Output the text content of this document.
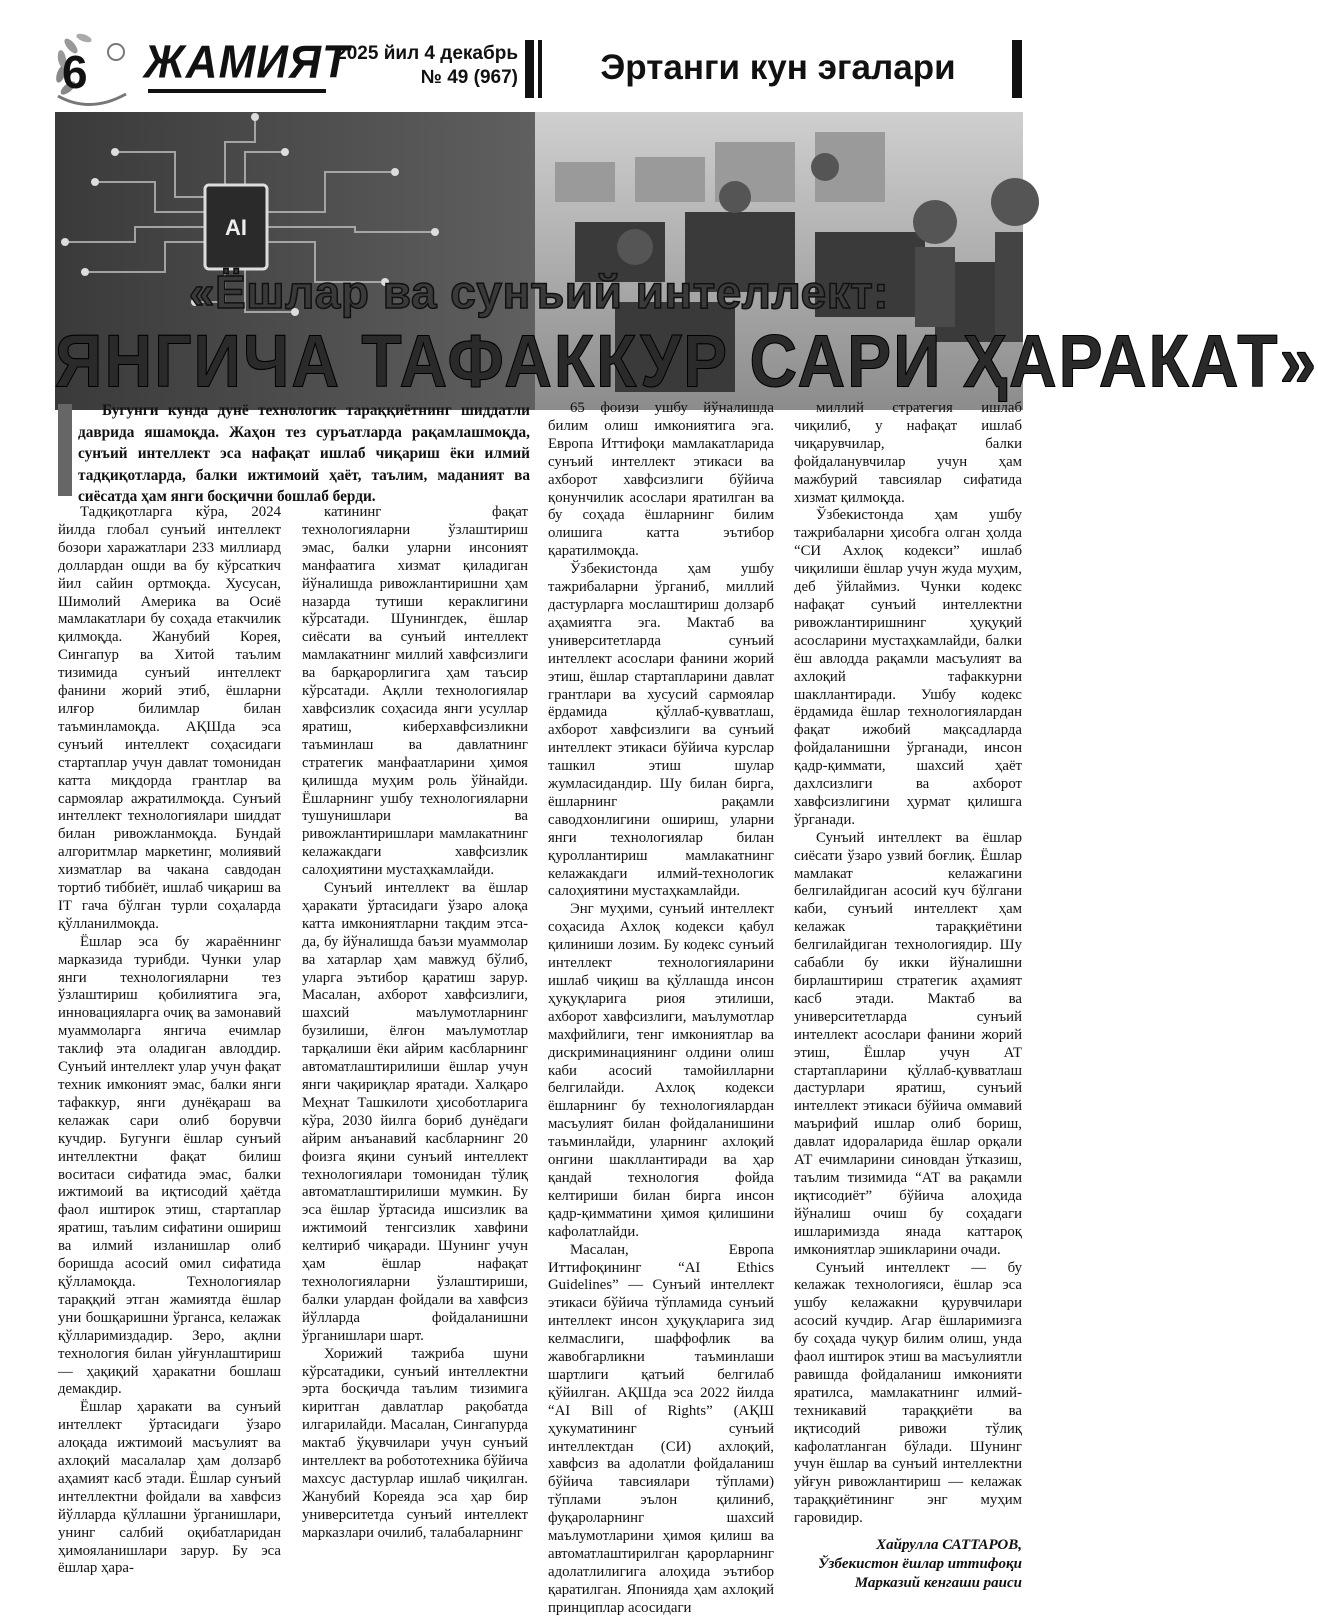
6 ЖАМИЯТ
2025 йил 4 декабрь
№ 49 (967)	Эртанги кун эгалари
AI
«Ёшлар ва сунъий интеллект:
ЯНГИЧА ТАФАККУР САРИ ҲАРАКАТ»
Бугунги кунда дунё технологик тараққиётнинг шиддатли даврида яшамоқда. Жаҳон тез суръатларда рақамлашмоқда, сунъий интеллект эса нафақат ишлаб чиқариш ёки илмий тадқиқотларда, балки ижтимоий ҳаёт, таълим, маданият ва сиёсатда ҳам янги босқични бошлаб берди.

Тадқиқотларга кўра, 2024 йилда глобал сунъий интеллект бозори харажатлари 233 миллиард доллардан ошди ва бу кўрсаткич йил сайин ортмоқда. Хусусан, Шимолий Америка ва Осиё мамлакатлари бу соҳада етакчилик қилмоқда. Жанубий Корея, Сингапур ва Хитой таълим тизимида сунъий интеллект фанини жорий этиб, ёшларни илғор билимлар билан таъминламоқда. АҚШда эса сунъий интеллект соҳасидаги стартаплар учун давлат томонидан катта миқдорда грантлар ва сармоялар ажратилмоқда. Сунъий интеллект технологиялари шиддат билан ривожланмоқда. Бундай алгоритмлар маркетинг, молиявий хизматлар ва чакана савдодан тортиб тиббиёт, ишлаб чиқариш ва IT гача бўлган турли соҳаларда қўлланилмоқда.

Ёшлар эса бу жараённинг марказида турибди. Чунки улар янги технологияларни тез ўзлаштириш қобилиятига эга, инновацияларга очиқ ва замонавий муаммоларга янгича ечимлар таклиф эта оладиган авлоддир. Сунъий интеллект улар учун фақат техник имконият эмас, балки янги тафаккур, янги дунёқараш ва келажак сари олиб борувчи кучдир. Бугунги ёшлар сунъий интеллектни фақат билиш воситаси сифатида эмас, балки ижтимоий ва иқтисодий ҳаётда фаол иштирок этиш, стартаплар яратиш, таълим сифатини ошириш ва илмий изланишлар олиб боришда асосий омил сифатида қўлламоқда. Технологиялар тараққий этган жамиятда ёшлар уни бошқаришни ўрганса, келажак қўлларимиздадир. Зеро, ақлни технология билан уйғунлаштириш — ҳақиқий ҳаракатни бошлаш демакдир.

Ёшлар ҳаракати ва сунъий интеллект ўртасидаги ўзаро алоқада ижтимоий масъулият ва ахлоқий масалалар ҳам долзарб аҳамият касб этади. Ёшлар сунъий интеллектни фойдали ва хавфсиз йўлларда қўллашни ўрганишлари, унинг салбий оқибатларидан ҳимояланишлари зарур. Бу эса ёшлар ҳара-

катининг фақат технологияларни ўзлаштириш эмас, балки уларни инсоният манфаатига хизмат қиладиган йўналишда ривожлантиришни ҳам назарда тутиши кераклигини кўрсатади. Шунингдек, ёшлар сиёсати ва сунъий интеллект мамлакатнинг миллий хавфсизлиги ва барқарорлигига ҳам таъсир кўрсатади. Ақлли технологиялар хавфсизлик соҳасида янги усуллар яратиш, киберхавфсизликни таъминлаш ва давлатнинг стратегик манфаатларини ҳимоя қилишда муҳим роль ўйнайди. Ёшларнинг ушбу технологияларни тушунишлари ва ривожлантиришлари мамлакатнинг келажакдаги хавфсизлик салоҳиятини мустаҳкамлайди.

Сунъий интеллект ва ёшлар ҳаракати ўртасидаги ўзаро алоқа катта имкониятларни тақдим этса-да, бу йўналишда баъзи муаммолар ва хатарлар ҳам мавжуд бўлиб, уларга эътибор қаратиш зарур. Масалан, ахборот хавфсизлиги, шахсий маълумотларнинг бузилиши, ёлғон маълумотлар тарқалиши ёки айрим касбларнинг автоматлаштирилиши ёшлар учун янги чақириқлар яратади. Халқаро Меҳнат Ташкилоти ҳисоботларига кўра, 2030 йилга бориб дунёдаги айрим анъанавий касбларнинг 20 фоизга яқини сунъий интеллект технологиялари томонидан тўлиқ автоматлаштирилиши мумкин. Бу эса ёшлар ўртасида ишсизлик ва ижтимоий тенгсизлик хавфини келтириб чиқаради. Шунинг учун ҳам ёшлар нафақат технологияларни ўзлаштириши, балки улардан фойдали ва хавфсиз йўлларда фойдаланишни ўрганишлари шарт.

Хорижий тажриба шуни кўрсатадики, сунъий интеллектни эрта босқичда таълим тизимига киритган давлатлар рақобатда илгарилайди. Масалан, Сингапурда мактаб ўқувчилари учун сунъий интеллект ва робототехника бўйича махсус дастурлар ишлаб чиқилган. Жанубий Кореяда эса ҳар бир университетда сунъий интеллект марказлари очилиб, талабаларнинг

65 фоизи ушбу йўналишда билим олиш имкониятига эга. Европа Иттифоқи мамлакатларида сунъий интеллект этикаси ва ахборот хавфсизлиги бўйича қонунчилик асослари яратилган ва бу соҳада ёшларнинг билим олишига катта эътибор қаратилмоқда.

Ўзбекистонда ҳам ушбу тажрибаларни ўрганиб, миллий дастурларга мослаштириш долзарб аҳамиятга эга. Мактаб ва университетларда сунъий интеллект асослари фанини жорий этиш, ёшлар стартапларини давлат грантлари ва хусусий сармоялар ёрдамида қўллаб-қувватлаш, ахборот хавфсизлиги ва сунъий интеллект этикаси бўйича курслар ташкил этиш шулар жумласидандир. Шу билан бирга, ёшларнинг рақамли саводхонлигини ошириш, уларни янги технологиялар билан қуроллантириш мамлакатнинг келажакдаги илмий-технологик салоҳиятини мустаҳкамлайди.

Энг муҳими, сунъий интеллект соҳасида Ахлоқ кодекси қабул қилиниши лозим. Бу кодекс сунъий интеллект технологияларини ишлаб чиқиш ва қўллашда инсон ҳуқуқларига риоя этилиши, ахборот хавфсизлиги, маълумотлар махфийлиги, тенг имкониятлар ва дискриминациянинг олдини олиш каби асосий тамойилларни белгилайди. Ахлоқ кодекси ёшларнинг бу технологиялардан масъулият билан фойдаланишини таъминлайди, уларнинг ахлоқий онгини шакллантиради ва ҳар қандай технология фойда келтириши билан бирга инсон қадр-қимматини ҳимоя қилишини кафолатлайди.

Масалан, Европа Иттифоқининг “AI Ethics Guidelines” — Сунъий интеллект этикаси бўйича тўпламида сунъий интеллект инсон ҳуқуқларига зид келмаслиги, шаффофлик ва жавобгарликни таъминлаши шартлиги қатъий белгилаб қўйилган. АҚШда эса 2022 йилда “AI Bill of Rights” (АҚШ ҳукуматининг сунъий интеллектдан (СИ) ахлоқий, хавфсиз ва адолатли фойдаланиш бўйича тавсиялари тўплами) тўплами эълон қилиниб, фуқароларнинг шахсий маълумотларини ҳимоя қилиш ва автоматлаштирилган қарорларнинг адолатлилигига алоҳида эътибор қаратилган. Японияда ҳам ахлоқий принциплар асосидаги

миллий стратегия ишлаб чиқилиб, у нафақат ишлаб чиқарувчилар, балки фойдаланувчилар учун ҳам мажбурий тавсиялар сифатида хизмат қилмоқда.

Ўзбекистонда ҳам ушбу тажрибаларни ҳисобга олган ҳолда “СИ Ахлоқ кодекси” ишлаб чиқилиши ёшлар учун жуда муҳим, деб ўйлаймиз. Чунки кодекс нафақат сунъий интеллектни ривожлантиришнинг ҳуқуқий асосларини мустаҳкамлайди, балки ёш авлодда рақамли масъулият ва ахлоқий тафаккурни шакллантиради. Ушбу кодекс ёрдамида ёшлар технологиялардан фақат ижобий мақсадларда фойдаланишни ўрганади, инсон қадр-қиммати, шахсий ҳаёт дахлсизлиги ва ахборот хавфсизлигини ҳурмат қилишга ўрганади.

Сунъий интеллект ва ёшлар сиёсати ўзаро узвий боғлиқ. Ёшлар мамлакат келажагини белгилайдиган асосий куч бўлгани каби, сунъий интеллект ҳам келажак тараққиётини белгилайдиган технологиядир. Шу сабабли бу икки йўналишни бирлаштириш стратегик аҳамият касб этади. Мактаб ва университетларда сунъий интеллект асослари фанини жорий этиш, Ёшлар учун АТ стартапларини қўллаб-қувватлаш дастурлари яратиш, сунъий интеллект этикаси бўйича оммавий маърифий ишлар олиб бориш, давлат идораларида ёшлар орқали АТ ечимларини синовдан ўтказиш, таълим тизимида “АТ ва рақамли иқтисодиёт” бўйича алоҳида йўналиш очиш бу соҳадаги ишларимизда янада каттароқ имкониятлар эшикларини очади.

Сунъий интеллект — бу келажак технологияси, ёшлар эса ушбу келажакни қурувчилари асосий кучдир. Агар ёшларимизга бу соҳада чуқур билим олиш, унда фаол иштирок этиш ва масъулиятли равишда фойдаланиш имконияти яратилса, мамлакатнинг илмий-техникавий тараққиёти ва иқтисодий ривожи тўлиқ кафолатланган бўлади. Шунинг учун ёшлар ва сунъий интеллектни уйғун ривожлантириш — келажак тараққиётининг энг муҳим гаровидир.

Хайрулла САТТАРОВ,
Ўзбекистон ёшлар иттифоқи
Марказий кенгаши раиси
